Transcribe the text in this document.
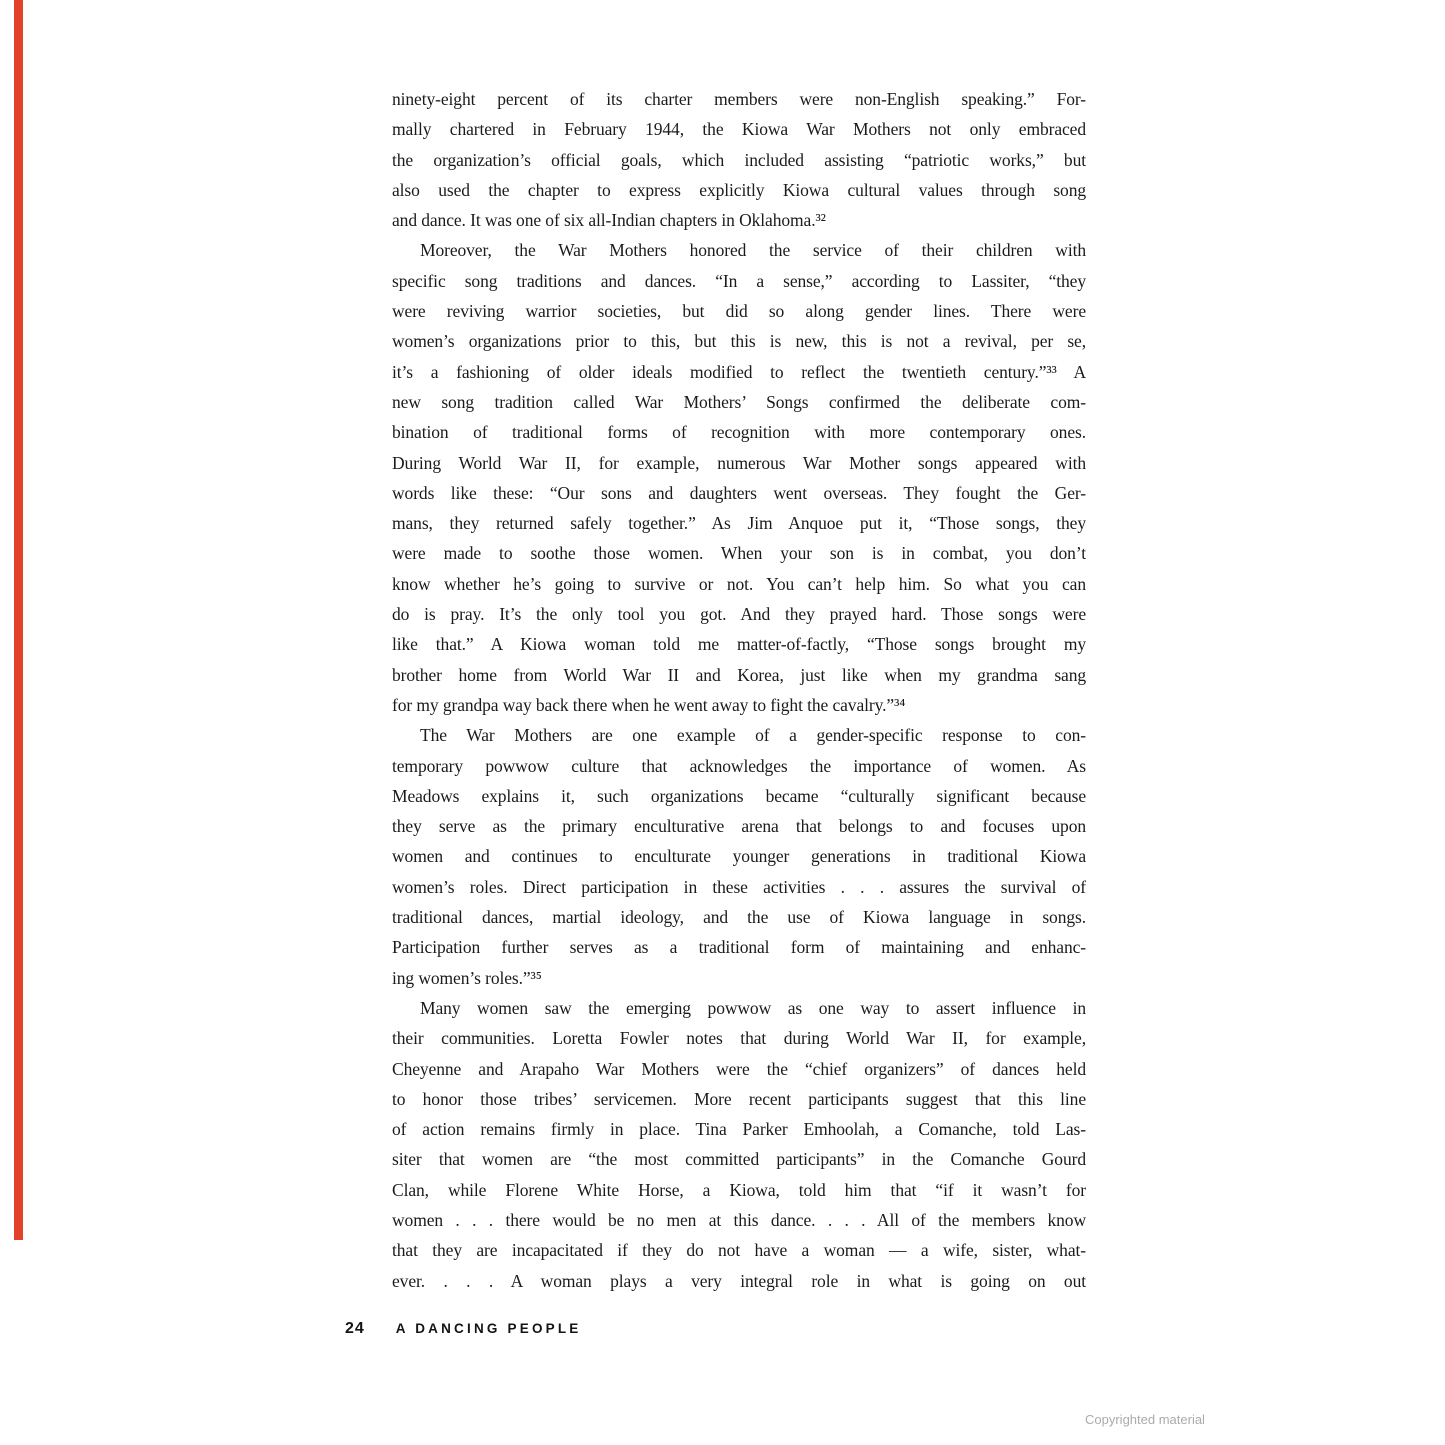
ninety-eight percent of its charter members were non-English speaking.” For-
mally chartered in February 1944, the Kiowa War Mothers not only embraced
the organization’s official goals, which included assisting “patriotic works,” but
also used the chapter to express explicitly Kiowa cultural values through song
and dance. It was one of six all-Indian chapters in Oklahoma.³²
Moreover, the War Mothers honored the service of their children with
specific song traditions and dances. “In a sense,” according to Lassiter, “they
were reviving warrior societies, but did so along gender lines. There were
women’s organizations prior to this, but this is new, this is not a revival, per se,
it’s a fashioning of older ideals modified to reflect the twentieth century.”³³ A
new song tradition called War Mothers’ Songs confirmed the deliberate com-
bination of traditional forms of recognition with more contemporary ones.
During World War II, for example, numerous War Mother songs appeared with
words like these: “Our sons and daughters went overseas. They fought the Ger-
mans, they returned safely together.” As Jim Anquoe put it, “Those songs, they
were made to soothe those women. When your son is in combat, you don’t
know whether he’s going to survive or not. You can’t help him. So what you can
do is pray. It’s the only tool you got. And they prayed hard. Those songs were
like that.” A Kiowa woman told me matter-of-factly, “Those songs brought my
brother home from World War II and Korea, just like when my grandma sang
for my grandpa way back there when he went away to fight the cavalry.”³⁴
The War Mothers are one example of a gender-specific response to con-
temporary powwow culture that acknowledges the importance of women. As
Meadows explains it, such organizations became “culturally significant because
they serve as the primary enculturative arena that belongs to and focuses upon
women and continues to enculturate younger generations in traditional Kiowa
women’s roles. Direct participation in these activities . . . assures the survival of
traditional dances, martial ideology, and the use of Kiowa language in songs.
Participation further serves as a traditional form of maintaining and enhanc-
ing women’s roles.”³⁵
Many women saw the emerging powwow as one way to assert influence in
their communities. Loretta Fowler notes that during World War II, for example,
Cheyenne and Arapaho War Mothers were the “chief organizers” of dances held
to honor those tribes’ servicemen. More recent participants suggest that this line
of action remains firmly in place. Tina Parker Emhoolah, a Comanche, told Las-
siter that women are “the most committed participants” in the Comanche Gourd
Clan, while Florene White Horse, a Kiowa, told him that “if it wasn’t for
women . . . there would be no men at this dance. . . . All of the members know
that they are incapacitated if they do not have a woman — a wife, sister, what-
ever. . . . A woman plays a very integral role in what is going on out
24 A DANCING PEOPLE
Copyrighted material
